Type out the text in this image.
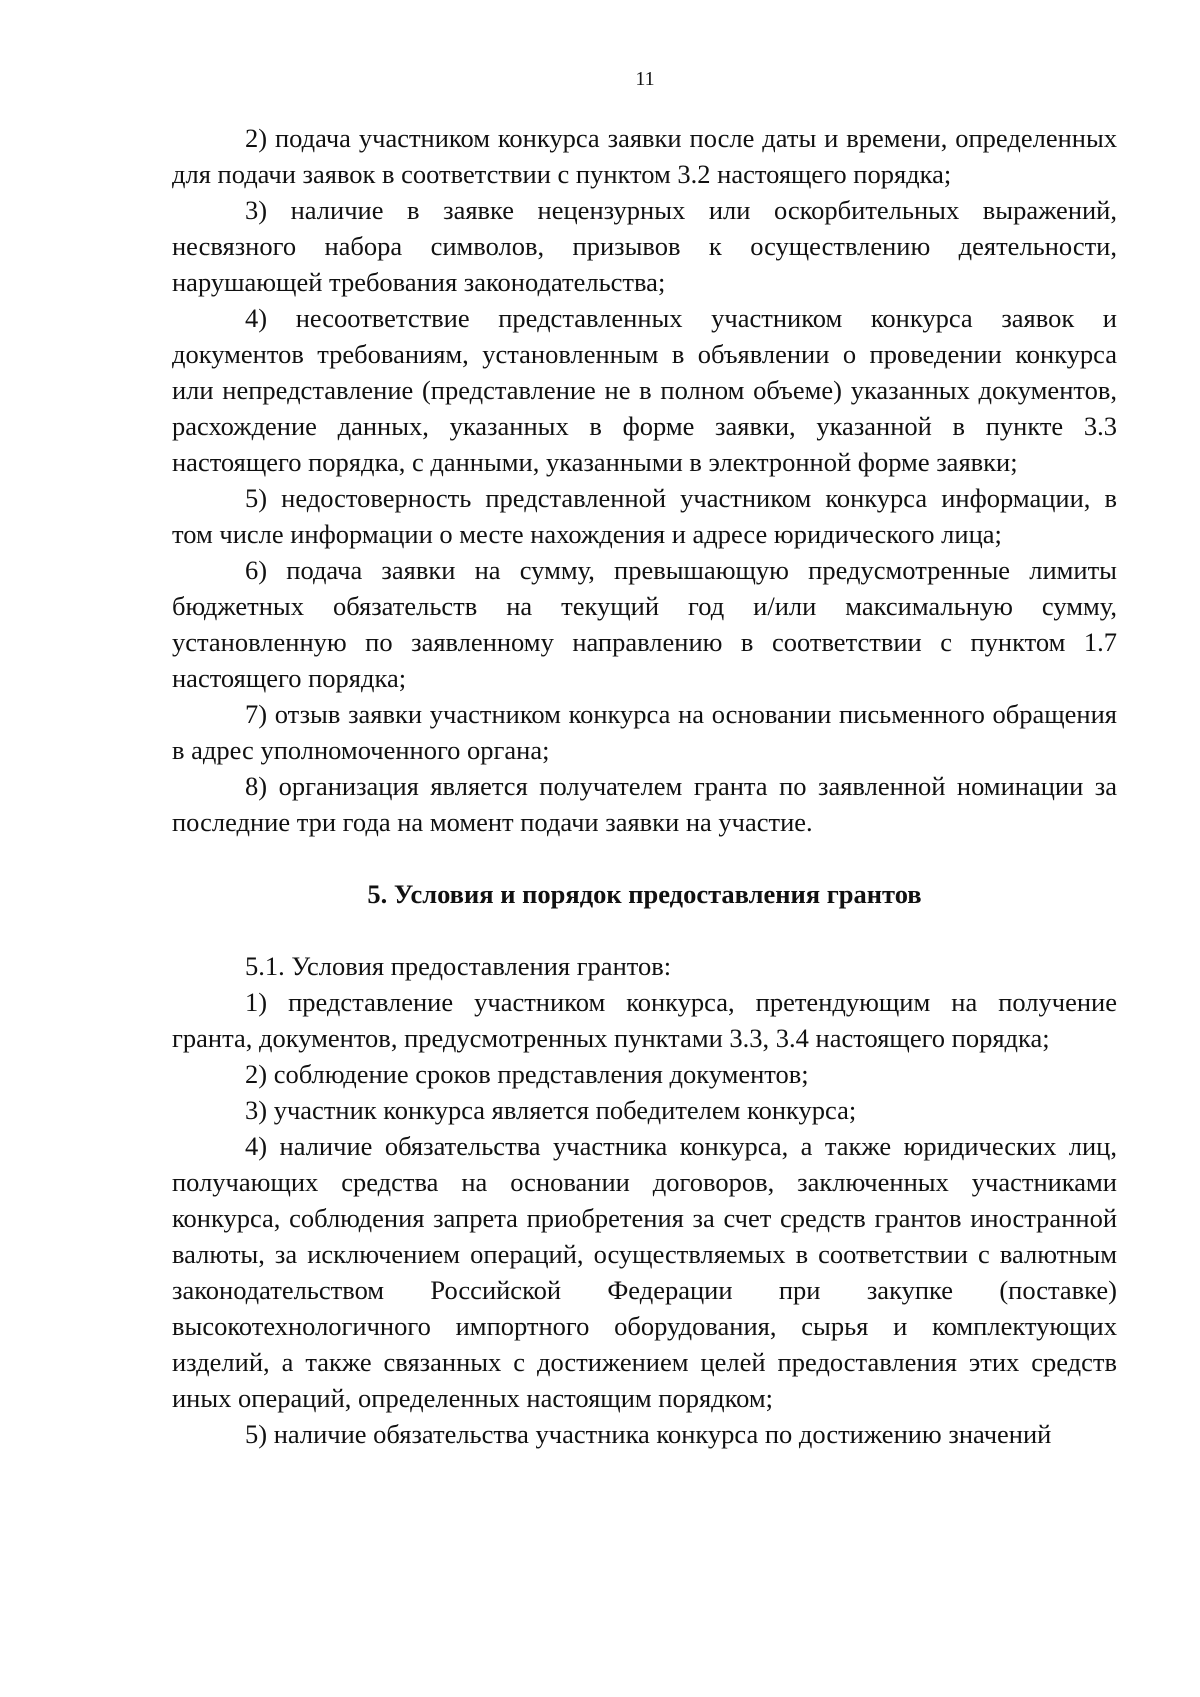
11

2) подача участником конкурса заявки после даты и времени, определенных для подачи заявок в соответствии с пунктом 3.2 настоящего порядка;

3) наличие в заявке нецензурных или оскорбительных выражений, несвязного набора символов, призывов к осуществлению деятельности, нарушающей требования законодательства;

4) несоответствие представленных участником конкурса заявок и документов требованиям, установленным в объявлении о проведении конкурса или непредставление (представление не в полном объеме) указанных документов, расхождение данных, указанных в форме заявки, указанной в пункте 3.3 настоящего порядка, с данными, указанными в электронной форме заявки;

5) недостоверность представленной участником конкурса информации, в том числе информации о месте нахождения и адресе юридического лица;

6) подача заявки на сумму, превышающую предусмотренные лимиты бюджетных обязательств на текущий год и/или максимальную сумму, установленную по заявленному направлению в соответствии с пунктом 1.7 настоящего порядка;

7) отзыв заявки участником конкурса на основании письменного обращения в адрес уполномоченного органа;

8) организация является получателем гранта по заявленной номинации за последние три года на момент подачи заявки на участие.

5. Условия и порядок предоставления грантов

5.1. Условия предоставления грантов:

1) представление участником конкурса, претендующим на получение гранта, документов, предусмотренных пунктами 3.3, 3.4 настоящего порядка;

2) соблюдение сроков представления документов;

3) участник конкурса является победителем конкурса;

4) наличие обязательства участника конкурса, а также юридических лиц, получающих средства на основании договоров, заключенных участниками конкурса, соблюдения запрета приобретения за счет средств грантов иностранной валюты, за исключением операций, осуществляемых в соответствии с валютным законодательством Российской Федерации при закупке (поставке) высокотехнологичного импортного оборудования, сырья и комплектующих изделий, а также связанных с достижением целей предоставления этих средств иных операций, определенных настоящим порядком;

5) наличие обязательства участника конкурса по достижению значений
